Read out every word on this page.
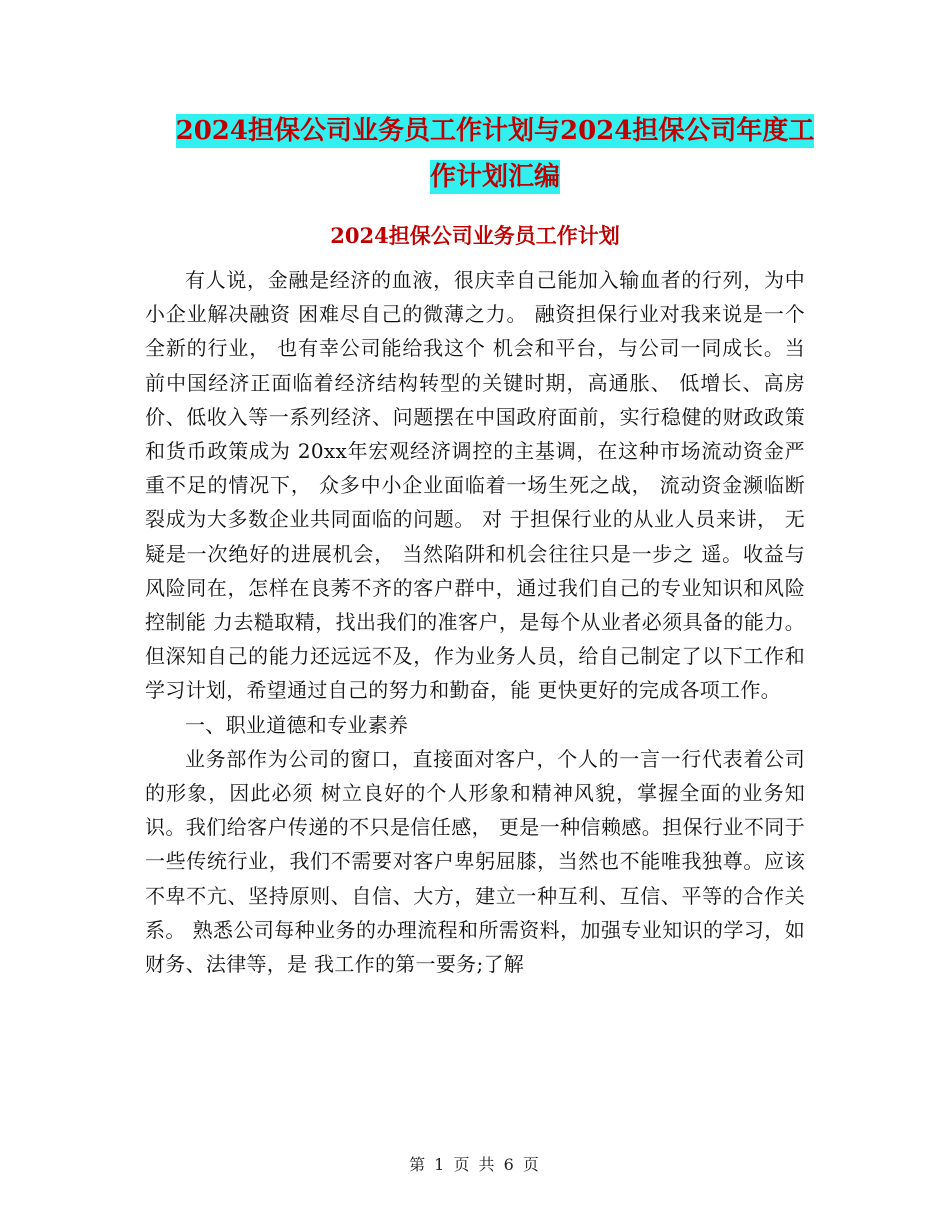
2024担保公司业务员工作计划与2024担保公司年度工
作计划汇编
2024担保公司业务员工作计划

有人说，金融是经济的血液，很庆幸自己能加入输血者的行列，为中小企业解决融资 困难尽自己的微薄之力。 融资担保行业对我来说是一个全新的行业， 也有幸公司能给我这个 机会和平台，与公司一同成长。当前中国经济正面临着经济结构转型的关键时期，高通胀、 低增长、高房价、低收入等一系列经济、问题摆在中国政府面前，实行稳健的财政政策 和货币政策成为 20xx年宏观经济调控的主基调，在这种市场流动资金严重不足的情况下， 众多中小企业面临着一场生死之战， 流动资金濒临断裂成为大多数企业共同面临的问题。 对 于担保行业的从业人员来讲， 无疑是一次绝好的进展机会， 当然陷阱和机会往往只是一步之 遥。收益与风险同在，怎样在良莠不齐的客户群中，通过我们自己的专业知识和风险控制能 力去糙取精，找出我们的准客户，是每个从业者必须具备的能力。但深知自己的能力还远远不及，作为业务人员，给自己制定了以下工作和学习计划，希望通过自己的努力和勤奋，能 更快更好的完成各项工作。

一、职业道德和专业素养

业务部作为公司的窗口，直接面对客户，个人的一言一行代表着公司的形象，因此必须 树立良好的个人形象和精神风貌，掌握全面的业务知识。我们给客户传递的不只是信任感， 更是一种信赖感。担保行业不同于一些传统行业，我们不需要对客户卑躬屈膝，当然也不能唯我独尊。应该不卑不亢、坚持原则、自信、大方，建立一种互利、互信、平等的合作关系。 熟悉公司每种业务的办理流程和所需资料，加强专业知识的学习，如财务、法律等，是 我工作的第一要务;了解

第 1 页 共 6 页
